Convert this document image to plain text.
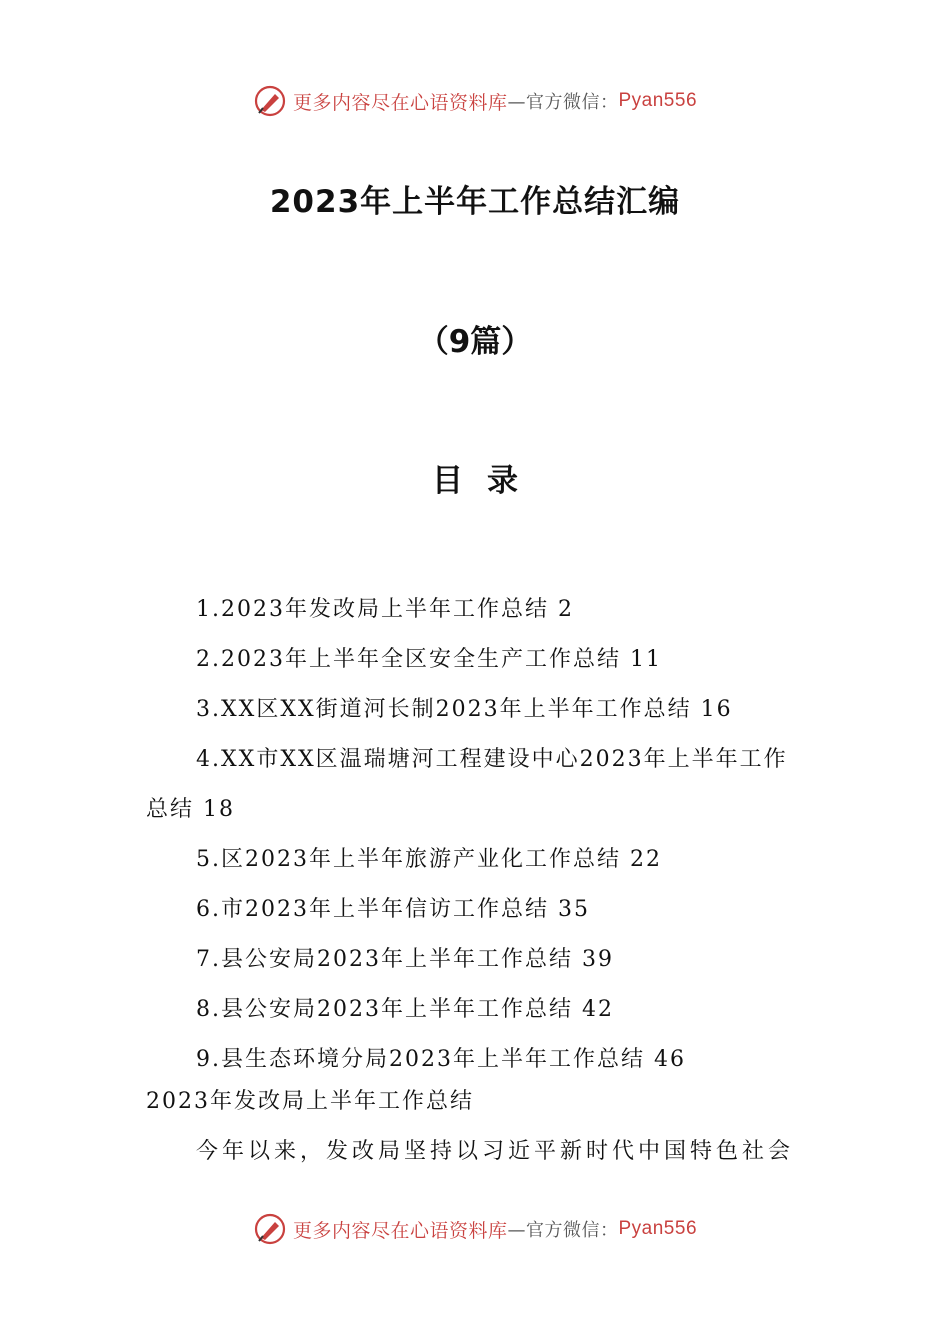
更多内容尽在心语资料库 —官方微信： Pyan556
2023年上半年工作总结汇编
（9篇）
目录

1.2023年发改局上半年工作总结 2

2.2023年上半年全区安全生产工作总结 11

3.XX区XX街道河长制2023年上半年工作总结 16

4.XX市XX区温瑞塘河工程建设中心2023年上半年工作总结 18

5.区2023年上半年旅游产业化工作总结 22

6.市2023年上半年信访工作总结 35

7.县公安局2023年上半年工作总结 39

8.县公安局2023年上半年工作总结 42

9.县生态环境分局2023年上半年工作总结 46

2023年发改局上半年工作总结
今年以来，发改局坚持以习近平新时代中国特色社会
更多内容尽在心语资料库 —官方微信： Pyan556
